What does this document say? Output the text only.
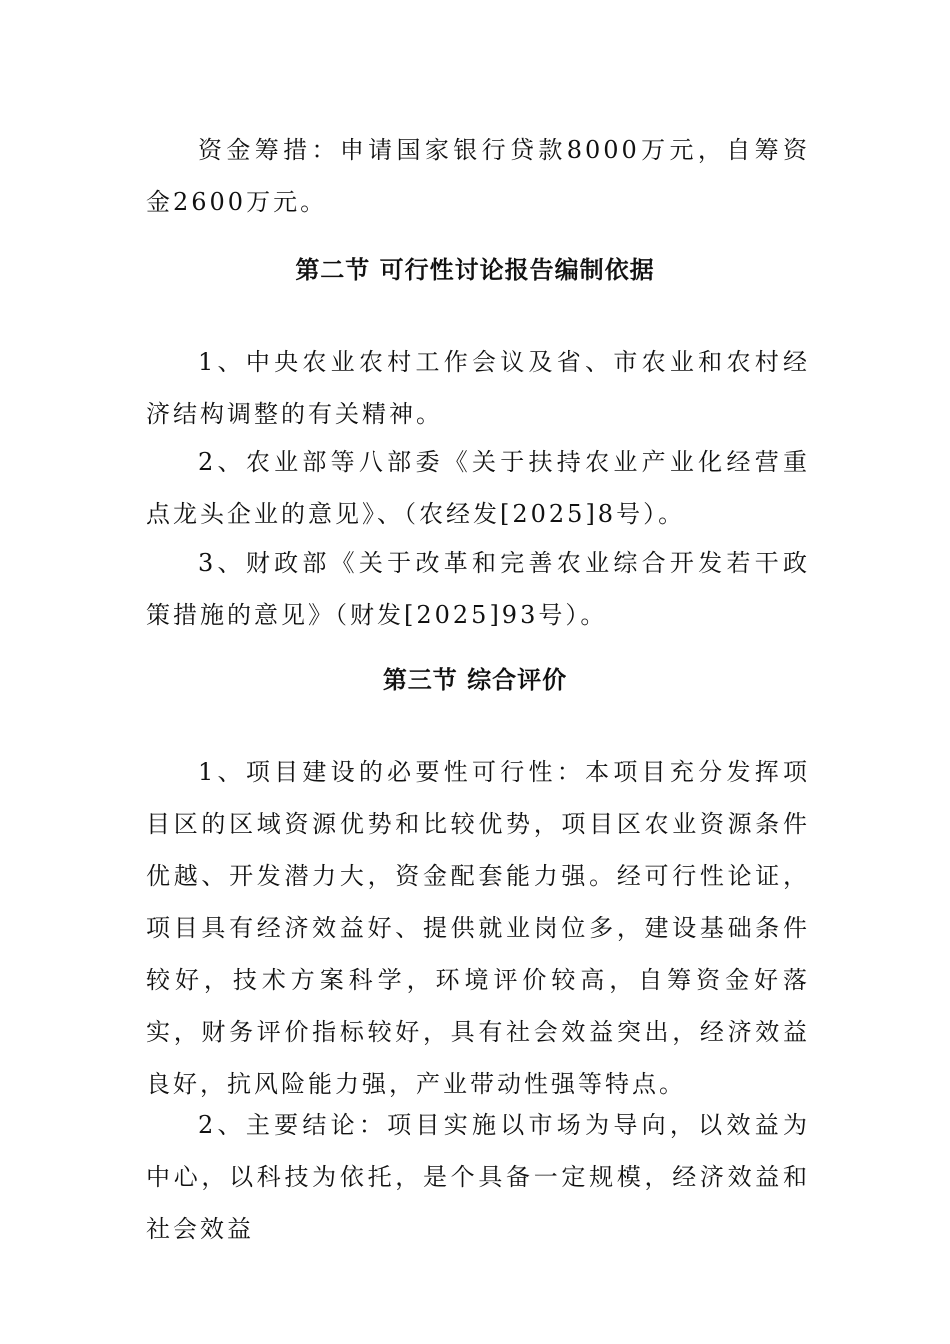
资金筹措：申请国家银行贷款8000万元，自筹资金2600万元。

第二节 可行性讨论报告编制依据

1、中央农业农村工作会议及省、市农业和农村经济结构调整的有关精神。

2、农业部等八部委《关于扶持农业产业化经营重点龙头企业的意见》、（农经发[2025]8号）。

3、财政部《关于改革和完善农业综合开发若干政策措施的意见》（财发[2025]93号）。

第三节 综合评价

1、项目建设的必要性可行性：本项目充分发挥项目区的区域资源优势和比较优势，项目区农业资源条件优越、开发潜力大，资金配套能力强。经可行性论证，项目具有经济效益好、提供就业岗位多，建设基础条件较好，技术方案科学，环境评价较高，自筹资金好落实，财务评价指标较好，具有社会效益突出，经济效益良好，抗风险能力强，产业带动性强等特点。

2、主要结论：项目实施以市场为导向，以效益为中心，以科技为依托，是个具备一定规模，经济效益和社会效益
